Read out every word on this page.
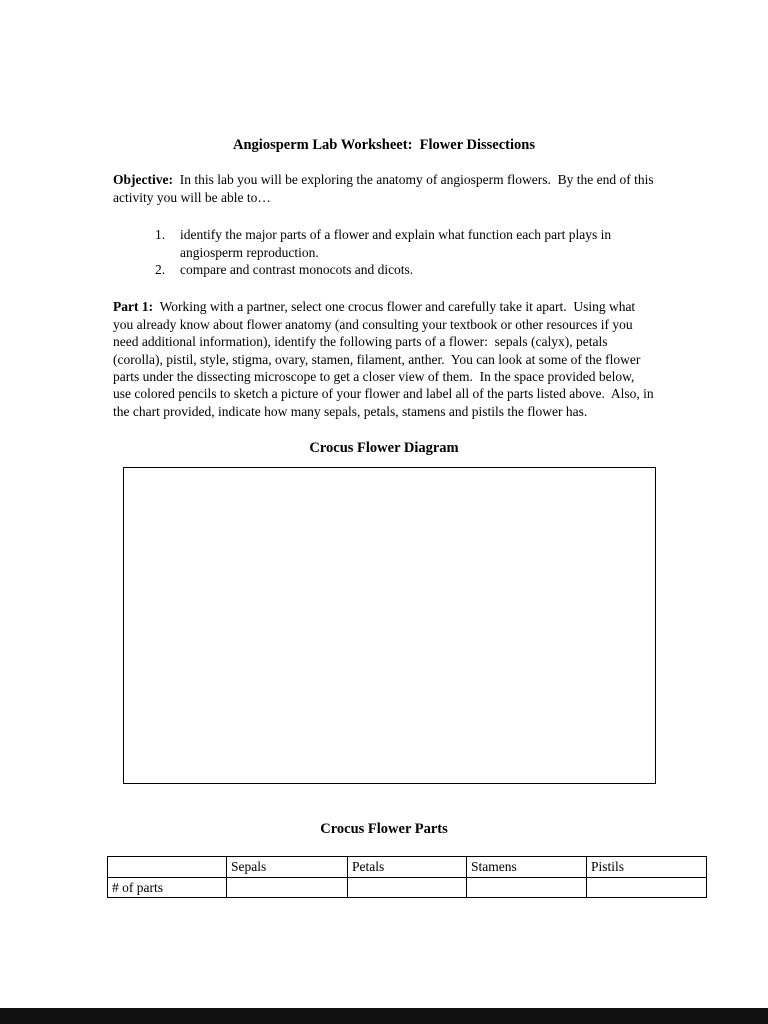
Angiosperm Lab Worksheet:  Flower Dissections

Objective:  In this lab you will be exploring the anatomy of angiosperm flowers.  By the end of this activity you will be able to…

1.	identify the major parts of a flower and explain what function each part plays in angiosperm reproduction.
2.	compare and contrast monocots and dicots.

Part 1:  Working with a partner, select one crocus flower and carefully take it apart.  Using what you already know about flower anatomy (and consulting your textbook or other resources if you need additional information), identify the following parts of a flower:  sepals (calyx), petals (corolla), pistil, style, stigma, ovary, stamen, filament, anther.  You can look at some of the flower parts under the dissecting microscope to get a closer view of them.  In the space provided below, use colored pencils to sketch a picture of your flower and label all of the parts listed above.  Also, in the chart provided, indicate how many sepals, petals, stamens and pistils the flower has.

Crocus Flower Diagram
Crocus Flower Parts
	Sepals	Petals	Stamens	Pistils
# of parts				
